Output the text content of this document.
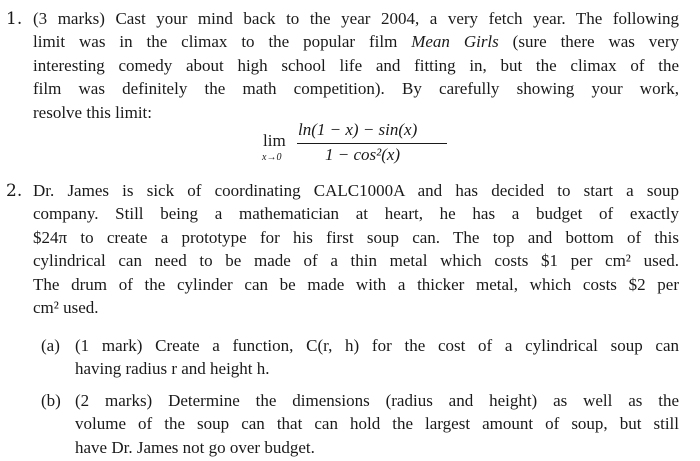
1. (3 marks) Cast your mind back to the year 2004, a very fetch year. The following
limit was in the climax to the popular film Mean Girls (sure there was very
interesting comedy about high school life and fitting in, but the climax of the
film was definitely the math competition). By carefully showing your work,
resolve this limit:
lim
x→0
ln(1 − x) − sin(x)
1 − cos²(x)
2. Dr. James is sick of coordinating CALC1000A and has decided to start a soup
company. Still being a mathematician at heart, he has a budget of exactly
$24π to create a prototype for his first soup can. The top and bottom of this
cylindrical can need to be made of a thin metal which costs $1 per cm² used.
The drum of the cylinder can be made with a thicker metal, which costs $2 per
cm² used.
(a) (1 mark) Create a function, C(r, h) for the cost of a cylindrical soup can
having radius r and height h.
(b) (2 marks) Determine the dimensions (radius and height) as well as the
volume of the soup can that can hold the largest amount of soup, but still
have Dr. James not go over budget.
